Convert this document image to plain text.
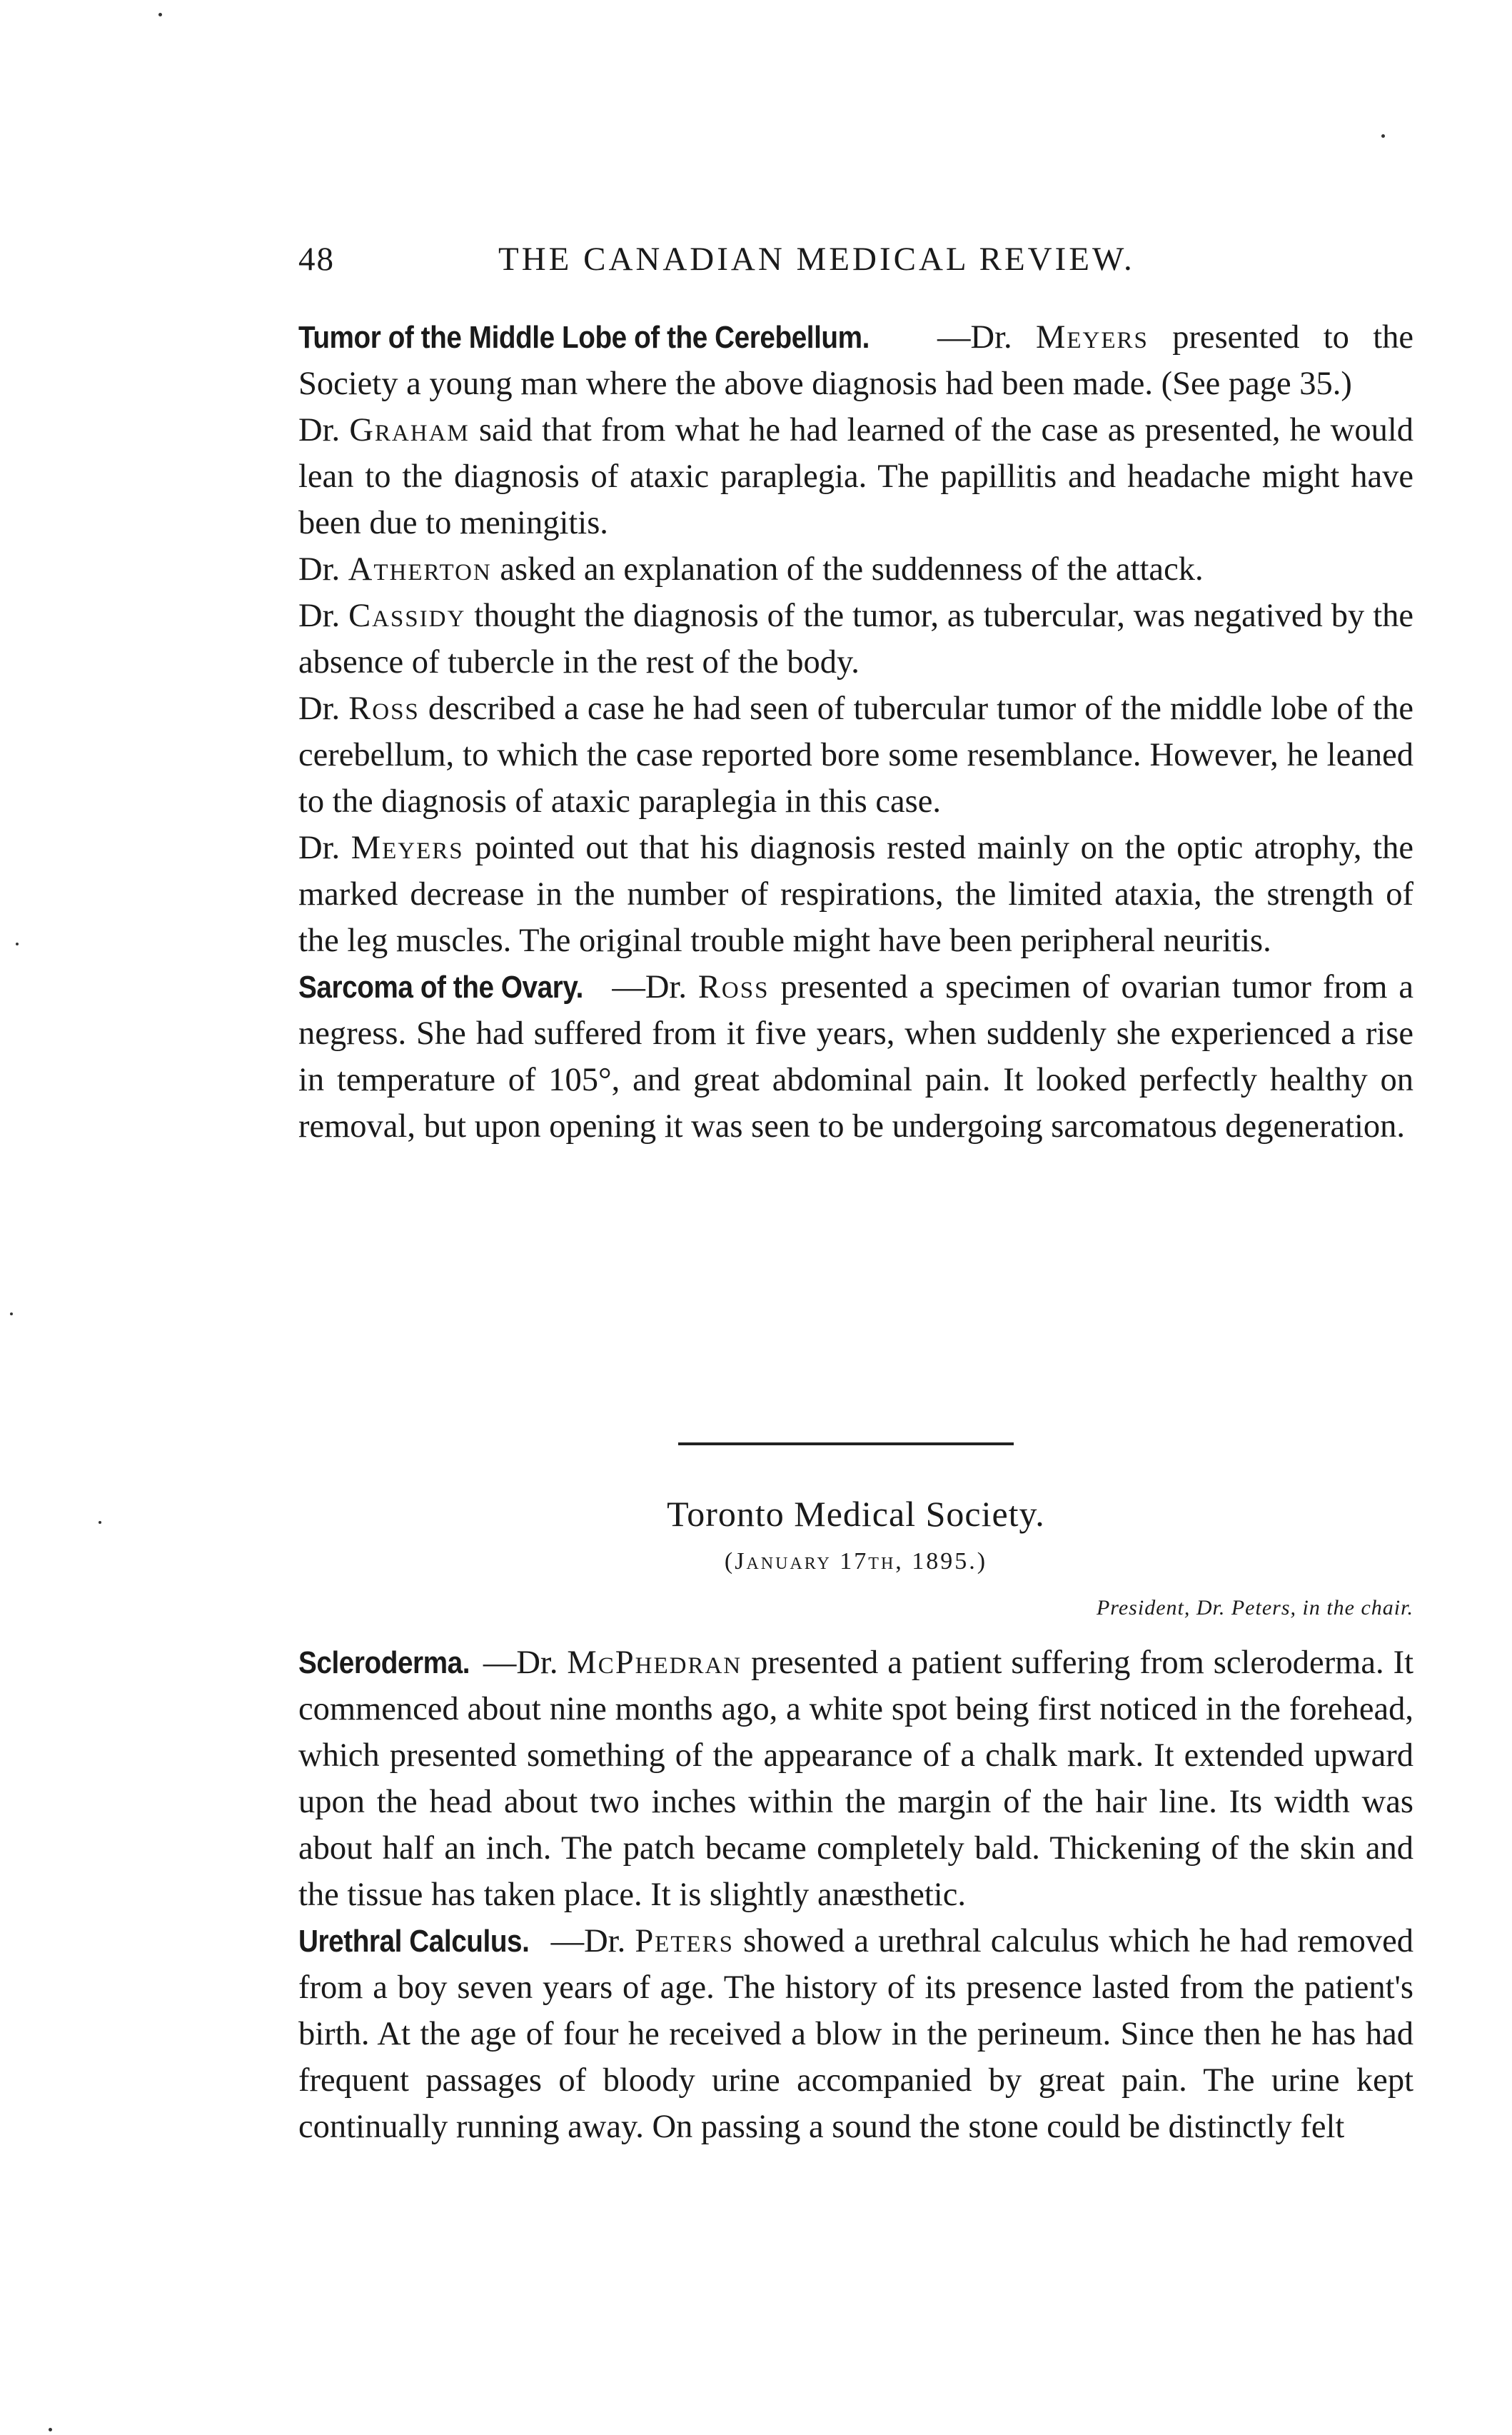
48	THE CANADIAN MEDICAL REVIEW.

Tumor of the Middle Lobe of the Cerebellum. —Dr. Meyers presented to the Society a young man where the above diagnosis had been made. (See page 35.)

Dr. Graham said that from what he had learned of the case as presented, he would lean to the diagnosis of ataxic paraplegia. The papillitis and headache might have been due to meningitis.

Dr. Atherton asked an explanation of the suddenness of the attack.

Dr. Cassidy thought the diagnosis of the tumor, as tubercular, was negatived by the absence of tubercle in the rest of the body.

Dr. Ross described a case he had seen of tubercular tumor of the middle lobe of the cerebellum, to which the case reported bore some resemblance. However, he leaned to the diagnosis of ataxic paraplegia in this case.

Dr. Meyers pointed out that his diagnosis rested mainly on the optic atrophy, the marked decrease in the number of respirations, the limited ataxia, the strength of the leg muscles. The original trouble might have been peripheral neuritis.

Sarcoma of the Ovary. —Dr. Ross presented a specimen of ovarian tumor from a negress. She had suffered from it five years, when suddenly she experienced a rise in temperature of 105°, and great abdominal pain. It looked perfectly healthy on removal, but upon opening it was seen to be undergoing sarcomatous degeneration.

Toronto Medical Society.
(January 17th, 1895.)
President, Dr. Peters, in the chair.

Scleroderma. —Dr. McPhedran presented a patient suffering from scleroderma. It commenced about nine months ago, a white spot being first noticed in the forehead, which presented something of the appearance of a chalk mark. It extended upward upon the head about two inches within the margin of the hair line. Its width was about half an inch. The patch became completely bald. Thickening of the skin and the tissue has taken place. It is slightly anæsthetic.

Urethral Calculus. —Dr. Peters showed a urethral calculus which he had removed from a boy seven years of age. The history of its presence lasted from the patient's birth. At the age of four he received a blow in the perineum. Since then he has had frequent passages of bloody urine accompanied by great pain. The urine kept continually running away. On passing a sound the stone could be distinctly felt
